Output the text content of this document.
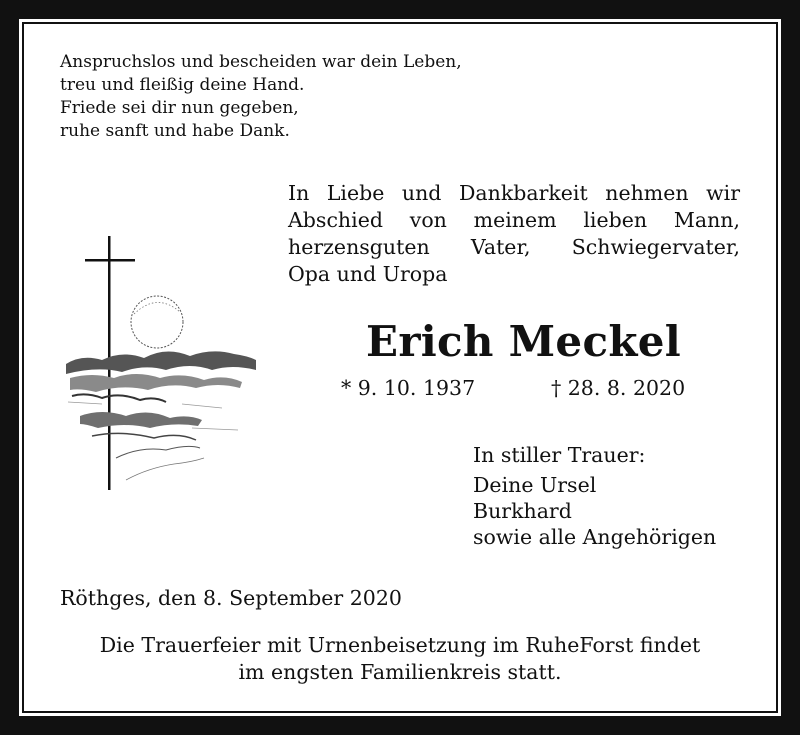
Anspruchslos und bescheiden war dein Leben,
treu und fleißig deine Hand.
Friede sei dir nun gegeben,
ruhe sanft und habe Dank.
In Liebe und Dankbarkeit nehmen wir
Abschied von meinem lieben Mann,
herzensguten Vater, Schwiegervater,
Opa und Uropa
Erich Meckel
* 9. 10. 1937	† 28. 8. 2020
In stiller Trauer:
Deine Ursel
Burkhard
sowie alle Angehörigen
Röthges, den 8. September 2020
Die Trauerfeier mit Urnenbeisetzung im RuheForst findet
im engsten Familienkreis statt.
